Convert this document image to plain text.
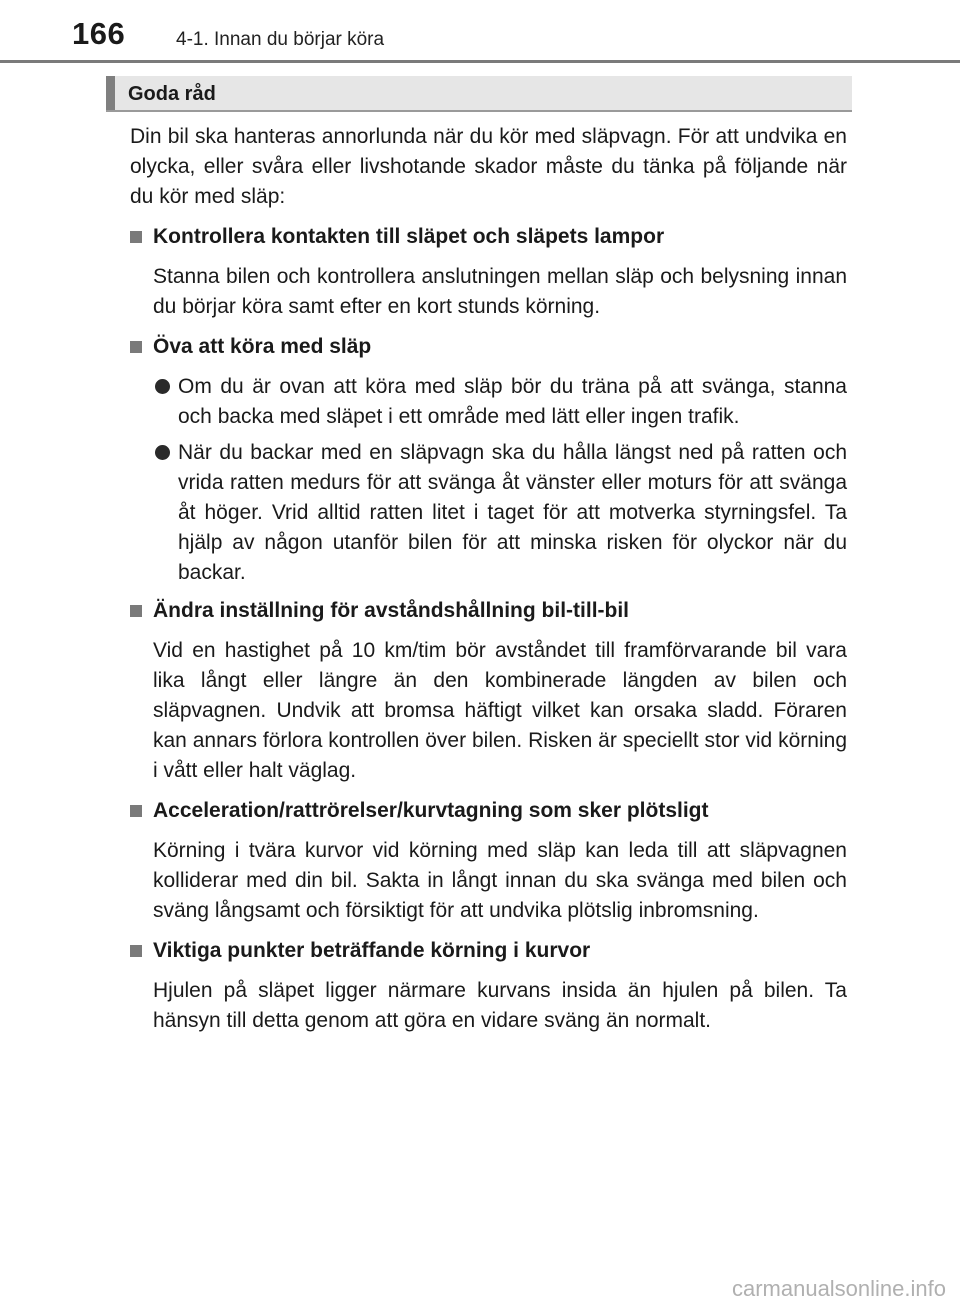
166	4-1. Innan du börjar köra
Goda råd

Din bil ska hanteras annorlunda när du kör med släpvagn. För att undvika en olycka, eller svåra eller livshotande skador måste du tänka på följande när du kör med släp:

Kontrollera kontakten till släpet och släpets lampor
Stanna bilen och kontrollera anslutningen mellan släp och belysning innan du börjar köra samt efter en kort stunds körning.
Öva att köra med släp
Om du är ovan att köra med släp bör du träna på att svänga, stanna och backa med släpet i ett område med lätt eller ingen trafik.
När du backar med en släpvagn ska du hålla längst ned på ratten och vrida ratten medurs för att svänga åt vänster eller moturs för att svänga åt höger. Vrid alltid ratten litet i taget för att motverka styrningsfel. Ta hjälp av någon utanför bilen för att minska risken för olyckor när du backar.
Ändra inställning för avståndshållning bil-till-bil
Vid en hastighet på 10 km/tim bör avståndet till framförvarande bil vara lika långt eller längre än den kombinerade längden av bilen och släpvagnen. Undvik att bromsa häftigt vilket kan orsaka sladd. Föraren kan annars förlora kontrollen över bilen. Risken är speciellt stor vid körning i vått eller halt väglag.
Acceleration/rattrörelser/kurvtagning som sker plötsligt
Körning i tvära kurvor vid körning med släp kan leda till att släpvagnen kolliderar med din bil. Sakta in långt innan du ska svänga med bilen och sväng långsamt och försiktigt för att undvika plötslig inbromsning.
Viktiga punkter beträffande körning i kurvor
Hjulen på släpet ligger närmare kurvans insida än hjulen på bilen. Ta hänsyn till detta genom att göra en vidare sväng än normalt.
carmanualsonline.info
